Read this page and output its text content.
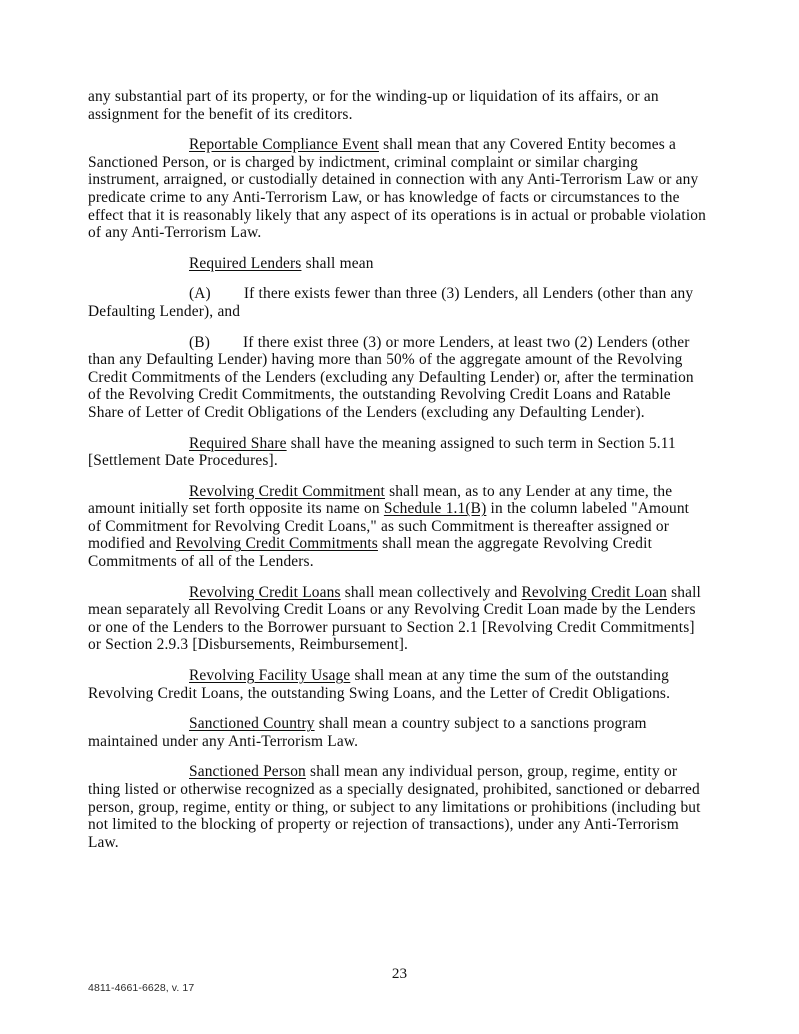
any substantial part of its property, or for the winding-up or liquidation of its affairs, or an assignment for the benefit of its creditors.

Reportable Compliance Event shall mean that any Covered Entity becomes a Sanctioned Person, or is charged by indictment, criminal complaint or similar charging instrument, arraigned, or custodially detained in connection with any Anti-Terrorism Law or any predicate crime to any Anti-Terrorism Law, or has knowledge of facts or circumstances to the effect that it is reasonably likely that any aspect of its operations is in actual or probable violation of any Anti-Terrorism Law.

Required Lenders shall mean

(A) If there exists fewer than three (3) Lenders, all Lenders (other than any Defaulting Lender), and

(B) If there exist three (3) or more Lenders, at least two (2) Lenders (other than any Defaulting Lender) having more than 50% of the aggregate amount of the Revolving Credit Commitments of the Lenders (excluding any Defaulting Lender) or, after the termination of the Revolving Credit Commitments, the outstanding Revolving Credit Loans and Ratable Share of Letter of Credit Obligations of the Lenders (excluding any Defaulting Lender).

Required Share shall have the meaning assigned to such term in Section 5.11 [Settlement Date Procedures].

Revolving Credit Commitment shall mean, as to any Lender at any time, the amount initially set forth opposite its name on Schedule 1.1(B) in the column labeled "Amount of Commitment for Revolving Credit Loans," as such Commitment is thereafter assigned or modified and Revolving Credit Commitments shall mean the aggregate Revolving Credit Commitments of all of the Lenders.

Revolving Credit Loans shall mean collectively and Revolving Credit Loan shall mean separately all Revolving Credit Loans or any Revolving Credit Loan made by the Lenders or one of the Lenders to the Borrower pursuant to Section 2.1 [Revolving Credit Commitments] or Section 2.9.3 [Disbursements, Reimbursement].

Revolving Facility Usage shall mean at any time the sum of the outstanding Revolving Credit Loans, the outstanding Swing Loans, and the Letter of Credit Obligations.

Sanctioned Country shall mean a country subject to a sanctions program maintained under any Anti-Terrorism Law.

Sanctioned Person shall mean any individual person, group, regime, entity or thing listed or otherwise recognized as a specially designated, prohibited, sanctioned or debarred person, group, regime, entity or thing, or subject to any limitations or prohibitions (including but not limited to the blocking of property or rejection of transactions), under any Anti-Terrorism Law.

23
4811-4661-6628, v. 17
